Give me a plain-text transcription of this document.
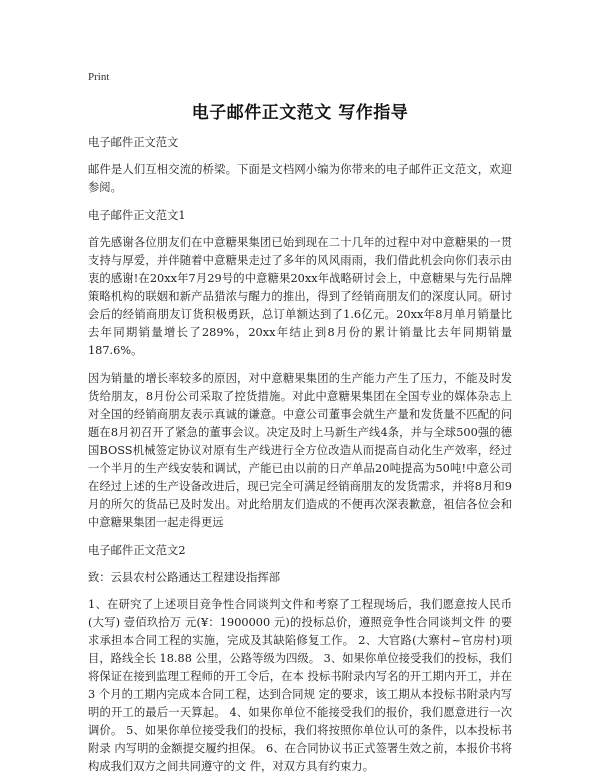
Print
电子邮件正文范文 写作指导

电子邮件正文范文

邮件是人们互相交流的桥梁。下面是文档网小编为你带来的电子邮件正文范文，欢迎参阅。

电子邮件正文范文1

首先感谢各位朋友们在中意糖果集团已始到现在二十几年的过程中对中意糖果的一贯支持与厚爱，并伴随着中意糖果走过了多年的风风雨雨，我们借此机会向你们表示由衷的感谢!在20xx年7月29号的中意糖果20xx年战略研讨会上，中意糖果与先行品牌策略机构的联姻和新产品猎浓与醒力的推出，得到了经销商朋友们的深度认同。研讨会后的经销商朋友订货积极勇跃，总订单额达到了1.6亿元。20xx年8月单月销量比去年同期销量增长了289%，20xx年结止到8月份的累计销量比去年同期销量187.6%。

因为销量的增长率较多的原因，对中意糖果集团的生产能力产生了压力，不能及时发货给朋友，8月份公司采取了控货措施。对此中意糖果集团在全国专业的媒体杂志上对全国的经销商朋友表示真诚的谦意。中意公司董事会就生产量和发货量不匹配的问题在8月初召开了紧急的董事会议。决定及时上马新生产线4条，并与全球500强的德国BOSS机械签定协议对原有生产线进行全方位改造从而提高自动化生产效率，经过一个半月的生产线安装和调试，产能已由以前的日产单品20吨提高为50吨!中意公司在经过上述的生产设备改进后，现已完全可满足经销商朋友的发货需求，并将8月和9月的所欠的货品已及时发出。对此给朋友们造成的不便再次深表歉意，祖信各位会和中意糖果集团一起走得更远

电子邮件正文范文2

致：云县农村公路通达工程建设指挥部

1、在研究了上述项目竞争性合同谈判文件和考察了工程现场后，我们愿意按人民币(大写) 壹佰玖拾万 元(¥：1900000 元)的投标总价，遵照竞争性合同谈判文件 的要求承担本合同工程的实施，完成及其缺陷修复工作。 2、大官路(大寨村~官房村)项目，路线全长 18.88 公里，公路等级为四级。 3、如果你单位接受我们的投标，我们将保证在接到监理工程师的开工令后，在本 投标书附录内写名的开工期内开工，并在 3 个月的工期内完成本合同工程，达到合同规 定的要求，该工期从本投标书附录内写明的开工的最后一天算起。 4、如果你单位不能接受我们的报价，我们愿意进行一次调价。 5、如果你单位接受我们的投标，我们将按照你单位认可的条件，以本投标书附录 内写明的金额提交履约担保。 6、在合同协议书正式签署生效之前，本报价书将构成我们双方之间共同遵守的文 件，对双方具有约束力。
